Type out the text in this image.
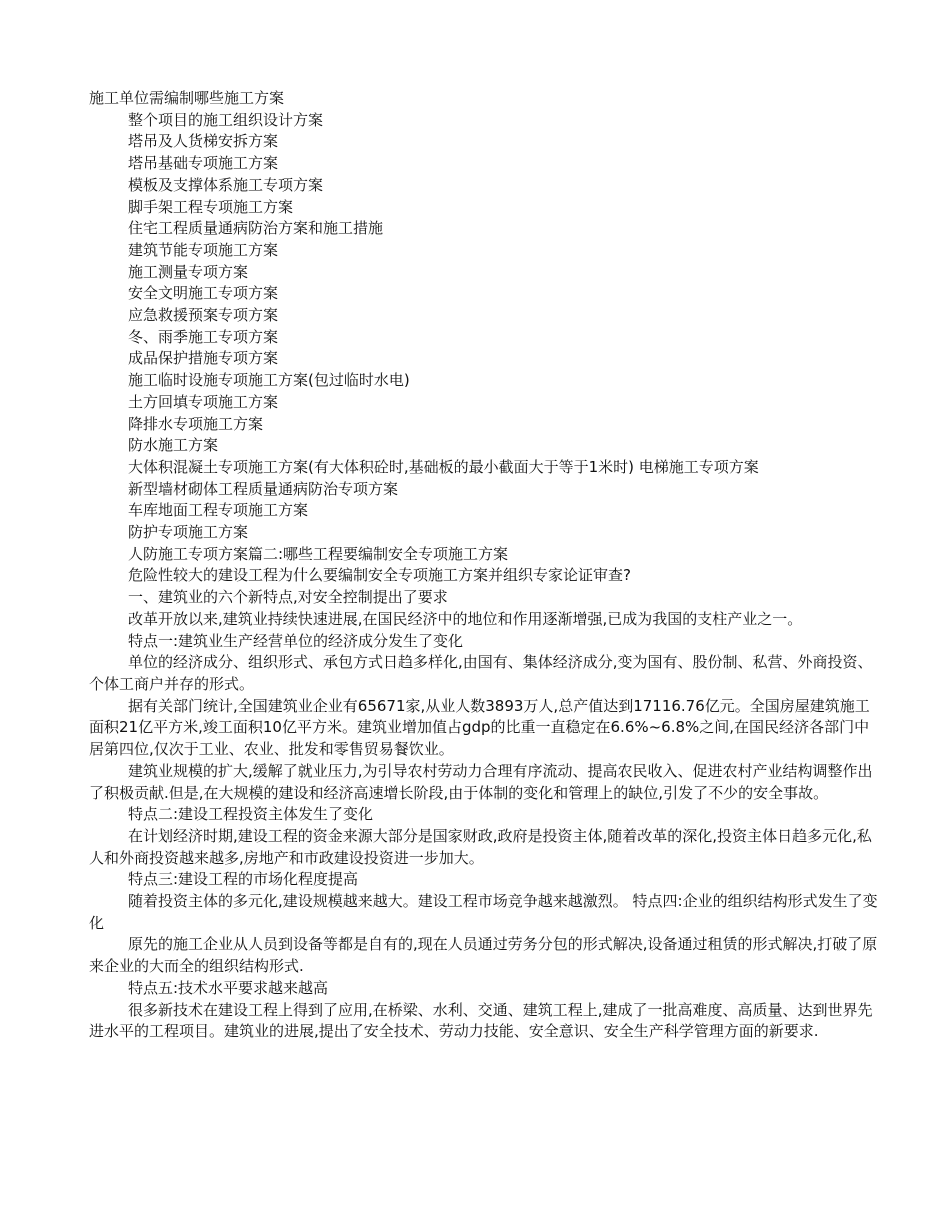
施工单位需编制哪些施工方案
整个项目的施工组织设计方案
塔吊及人货梯安拆方案
塔吊基础专项施工方案
模板及支撑体系施工专项方案
脚手架工程专项施工方案
住宅工程质量通病防治方案和施工措施
建筑节能专项施工方案
施工测量专项方案
安全文明施工专项方案
应急救援预案专项方案
冬、雨季施工专项方案
成品保护措施专项方案
施工临时设施专项施工方案(包过临时水电)
土方回填专项施工方案
降排水专项施工方案
防水施工方案
大体积混凝土专项施工方案(有大体积砼时,基础板的最小截面大于等于1米时) 电梯施工专项方案
新型墙材砌体工程质量通病防治专项方案
车库地面工程专项施工方案
防护专项施工方案
人防施工专项方案篇二:哪些工程要编制安全专项施工方案
危险性较大的建设工程为什么要编制安全专项施工方案并组织专家论证审查?
一、建筑业的六个新特点,对安全控制提出了要求
改革开放以来,建筑业持续快速进展,在国民经济中的地位和作用逐渐增强,已成为我国的支柱产业之一。
特点一:建筑业生产经营单位的经济成分发生了变化
单位的经济成分、组织形式、承包方式日趋多样化,由国有、集体经济成分,变为国有、股份制、私营、外商投资、个体工商户并存的形式。
据有关部门统计,全国建筑业企业有65671家,从业人数3893万人,总产值达到17116.76亿元。全国房屋建筑施工面积21亿平方米,竣工面积10亿平方米。建筑业增加值占gdp的比重一直稳定在6.6%~6.8%之间,在国民经济各部门中居第四位,仅次于工业、农业、批发和零售贸易餐饮业。
建筑业规模的扩大,缓解了就业压力,为引导农村劳动力合理有序流动、提高农民收入、促进农村产业结构调整作出了积极贡献.但是,在大规模的建设和经济高速增长阶段,由于体制的变化和管理上的缺位,引发了不少的安全事故。
特点二:建设工程投资主体发生了变化
在计划经济时期,建设工程的资金来源大部分是国家财政,政府是投资主体,随着改革的深化,投资主体日趋多元化,私人和外商投资越来越多,房地产和市政建设投资进一步加大。
特点三:建设工程的市场化程度提高
随着投资主体的多元化,建设规模越来越大。建设工程市场竞争越来越激烈。 特点四:企业的组织结构形式发生了变化
原先的施工企业从人员到设备等都是自有的,现在人员通过劳务分包的形式解决,设备通过租赁的形式解决,打破了原来企业的大而全的组织结构形式.
特点五:技术水平要求越来越高
很多新技术在建设工程上得到了应用,在桥梁、水利、交通、建筑工程上,建成了一批高难度、高质量、达到世界先进水平的工程项目。建筑业的进展,提出了安全技术、劳动力技能、安全意识、安全生产科学管理方面的新要求.
